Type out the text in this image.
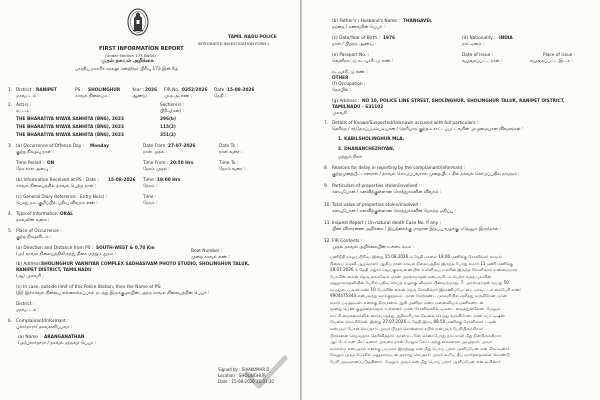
TAMIL NADU POLICE
INTEGRATED INVESTIGATION FORM-I
FIRST INFORMATION REPORT
(Under Section 173 BNSS)
முதல் தகவல் அறிக்கை
பாரதிய நாகரிக் சுரக்ஷா சன்ஹிதா பிரிவு 173 இன் கீழ்
1. District : RANIPET
மாவட்டம் :
PS : SHOLINGHUR
காவல் நிலையம் :
Year : 2026
ஆண்டு :
FIR No. : 0252/2026
மு.த.அ.எண் :
Date : 15-08-2026
தேதி :
2. Act(s) :
சட்டம் :
Section(s) :
பிரிவு(கள்) :
THE BHARATIYA NYAYA SANHITA (BNS), 2023	296(b)
THE BHARATIYA NYAYA SANHITA (BNS), 2023	115(2)
THE BHARATIYA NYAYA SANHITA (BNS), 2023	351(2)
3. (a) Occurrence of Offence Day : Monday
குற்ற நிகழ்வு நாள் :
Date From : 27-07-2026
நாள் முதல் :
Date To :
நாள் வரை :
Time Period : ON
நேர கால அளவு :
Time From : 20:50 Hrs
நேரம் முதல் :
Time To :
நேரம் வரை :
(b) Information Received at PS : Date : 15-08-2026 Time : 18:00 Hrs
காவல் நிலையத்தில் தகவல் பெற்ற நாள் :	நேரம் :
(c) General Diary Reference : Entry No(s) :	Time :
பொது நாட்குறிப்பில் பதிவு விவரம் எண் :	நேரம் :
4. Type of Information : ORAL
தகவலின் வகை :
5. Place of Occurrence :
குற்ற நிகழ்விடம் :
(a) Direction and Distance from PS : SOUTH-WEST & 0.70 Km
(அ) காவல் நிலையத்திலிருந்து திசை மற்றும் தூரம் :
Beat Number :
முறை காவல் எண் :
(b) Address :
SHOLINGHUR VANNIYAR COMPLEX SADHASIVAM PHOTO STUDIO, SHOLINGHUR TALUK,
RANIPET DISTRICT, TAMILNADU
(ஆ) முகவரி :
(c) In case, outside limit of this Police Station, then the Name of PS:
(இ) இக்காவல் நிலைய எல்லைக்கப்பால் நடந்து இருக்குமாயின், அந்த காவல் நிலையத்தின் பெயர் :
District :
மாவட்டம் :
6. Complainant/Informant :
புகார்தாரர்/ தகவலளிப்பவர் :
(a) Name : ARANGANATHAN
(அ)புகார்தாரர் / தகவல் தந்தவர் பெயர் :
Signed by : SIVAKUMAR D
Location : SHOLINGHUR
Date : 15-08-2026 16:03:20
(b) Father's / Husband's Name : THANGAVEL
தந்தை / கணவரின் பெயர் :
(c) Date/Year of Birth : 1976
நாள் / பிறந்த ஆண்டு :
(d) Nationality : INDIA
நாட்டினம் :
(e) Passport No. :
வெளிநாட்டு கடவுச்சீட்டு எண் :
Date of Issue :
வழங்கப்பட்ட நாள் :
Place of issue :
வழங்கப்பட்ட இடம் :
கடவுச்சீட்டு எண் :
(f) Occupation :
OTHER
தொழில் :
(g) Address : NO 10, POLICE LINE STREET, SHOLINGHUR, SHOLINGHUR TALUK, RANIPET DISTRICT,
TAMILNADU - 631102
முகவரி :
7. Details of Known/Suspected/Unknown accused with full particulars :
தெரிந்த / சந்தேகப்படும்படியான / தெரியாத குற்றம் சாட்டப்பட்டவரின் முழுமையான விவரங்கள் :
1. KABILSHOLINGHUR MLA,
2. DHANANCHEZHIYAN,
மற்றும் சிலர்
8. Reasons for delay in reporting by the complainant/informant :
குற்றமுறையீட்டாளரால் / தகவல் கொடுப்பவரால் முறையிட்டதில் தகவல் கொடுப்பதில் தாமதம் :
9. Particulars of properties stolen/involved :
களவுபோன / களவிற்குள்ளான சொத்துக்களின் விவரம் :
10. Total value of properties stolen/involved :
களவுபோன / களவிற்குள்ளான சொத்துக்களின் மொத்த மதிப்பு :
11. Inquest Report / Un-natural death Case No. If any :
பிண விசாரணை அறிக்கை / இயற்கைக்கு மாறான இறப்பு வழக்கு ஏதேனும் இருந்தால் :
12. FIR Contents :
முதல் தகவல் அறிக்கையின் உள்ளடக்கம் :
பணிநீதி நகலுப்பிரிவு. இன்று 15.08.2026 ம் தேதி மாலை 18.00 மணிக்கு சோளிங்கர் காவல்
நிலைய உதவி ஆய்வாளர் ஆகிய நான் காவல் நிலையத்தில் இருந்த போது சுமார் 11 மணி மணிக்கு
28.07.2026 ம் தேதி மதுகர் ஜெயகுலவணையில் உள்ளிருப்பாளரின் இருந்த சோளிங்கர் உண்மைமாக
போலீஸ் லைன் தெரு தங்கவேல் மகன் அரங்கநாதன் என்பவரிடம் பெற்ற வந்த புகாரின்
மனுதாரருதவியின் பேரில் பதிவு செய்த வழக்கு விவரம் பின்வருமாறு. 7. அரங்கநாதன் வயது 50
வயதுடையவன் எண் 10 போலீஸ் லைன் தெரு சோளிங்கர் இராணிப்பேட்டை மாவட்டம் கைபேசி எண்:
9904475344 என்பவரது வாக்குமூலம் . நான் மேற்கண்ட முகவரியில் வசித்து வருகிறேன். நான்
சுமார் படித்தவன். எனக்கு திருமணம் ஆகி அனிதா என்ற மனைவியும் மணிகண்டன்
மூன்று பெண் குழந்தைகளும் உள்ளனர். நான் சோளிங்கரில் டி.கடை வைத்துள்ளேன். மேலும்
காட்சி மைக்கைகளில் கையெழுத்து அதிகாரியாக வேலை செய்து வருகிறேன். நான் பெட்டிஷன்
வேலை செய்கிறேன். இன்று 27.07.2026 ம் தேதி இரவு 08.50 மணிக்கு சோளிங்கர் டவுன்
என்பவர் போன் செய்தார். அவர் பிரதர் சொன்னார் கபில் என்பவர் பேசியிருக்கிறார்
பிரச்சனை செய்வதாக தெரிவித்தார். நான் உடனே சென்றபோது நாட்காலி மீது நின்றிருக்கிறார்
ஆட்டோ என மிரட்டினார் அவரை நான் மேலும் கேட்டதற்கு கைகளால் அடித்தார். அவர்
எம்எல்ஏ என்பதால் எனக்கு பயமாக இருந்தது என் மீது பொய் புகார் அளிப்பேன் என மிரட்டினார்
மேலும் அந்த பேச்சில் மனுதாரருடன் தகராறு செய்தார். அவர் கூறிய தீய வார்த்தைகளை கொண்டு
பேசி அவமானப்படுத்தினார். மேலும் அவர் என் மீது பொய் புகார் அளிப்பேன் என கூறினார்
